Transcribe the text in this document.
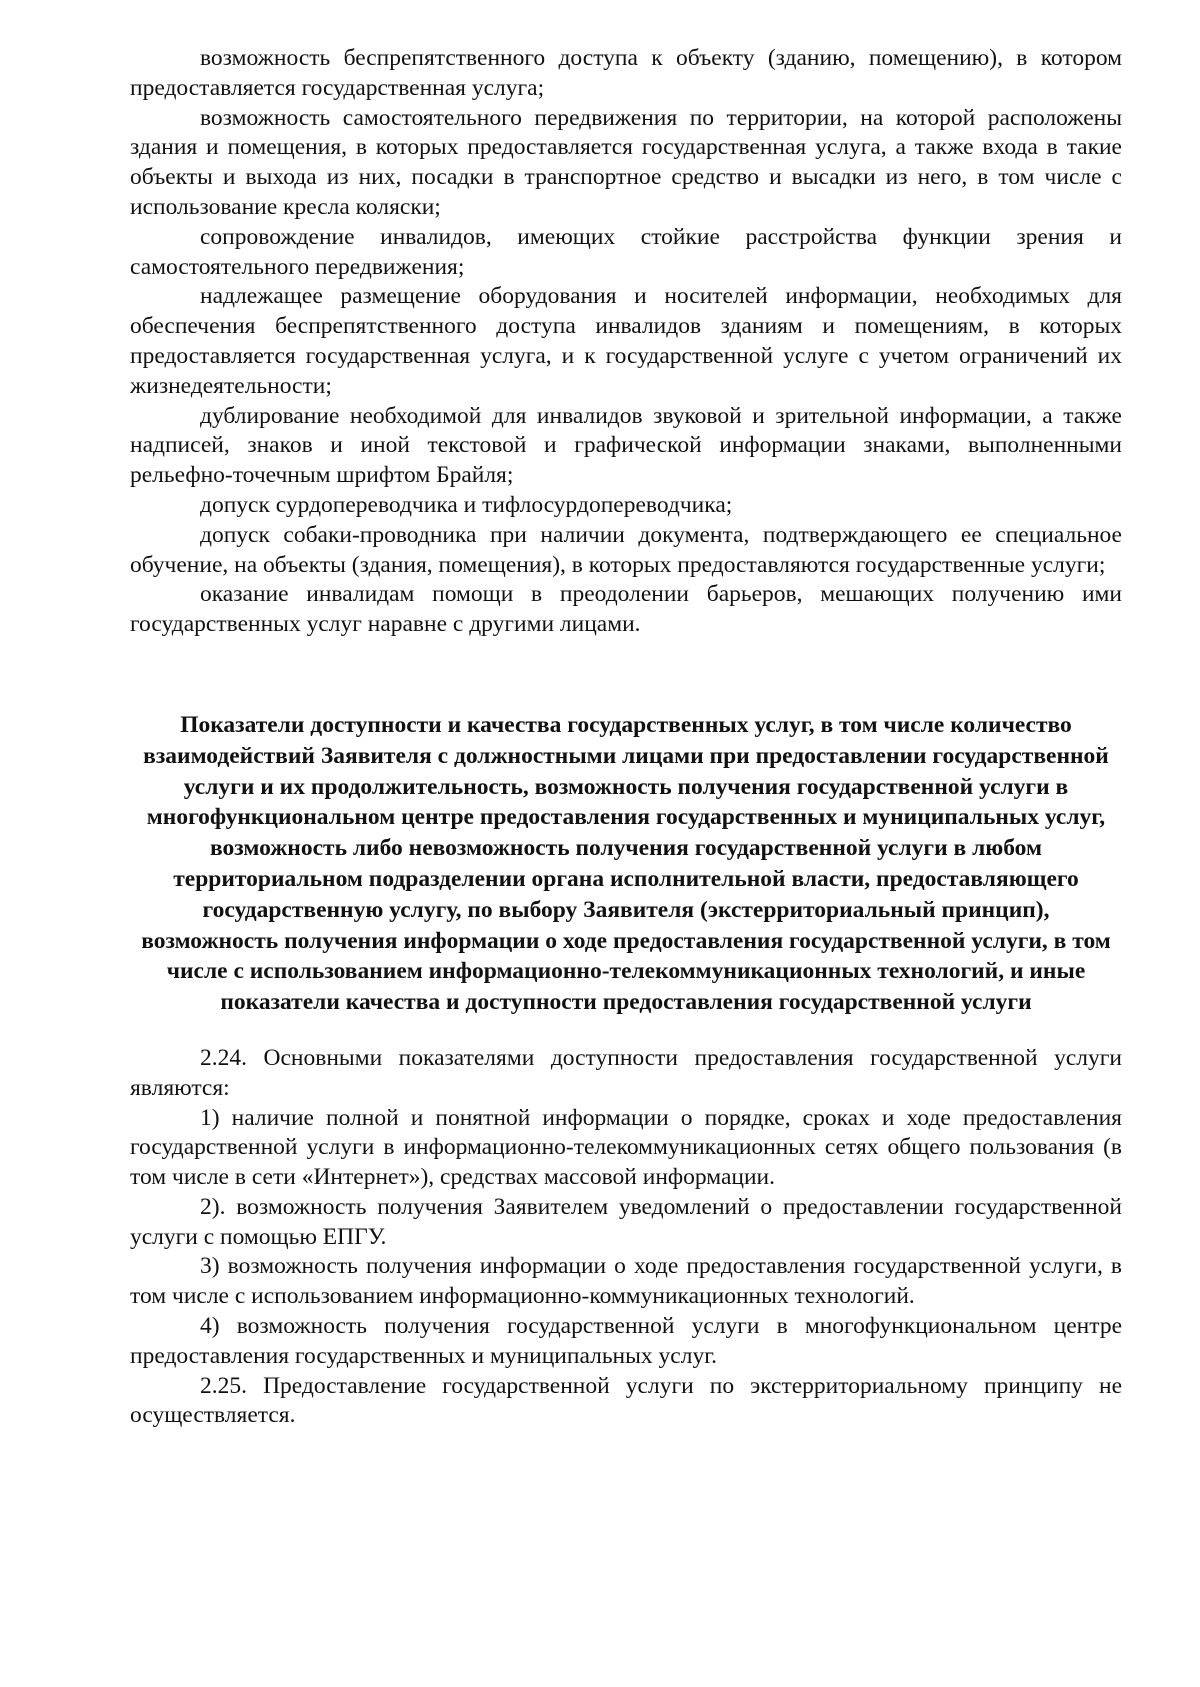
возможность беспрепятственного доступа к объекту (зданию, помещению), в котором предоставляется государственная услуга;

возможность самостоятельного передвижения по территории, на которой расположены здания и помещения, в которых предоставляется государственная услуга, а также входа в такие объекты и выхода из них, посадки в транспортное средство и высадки из него, в том числе с использование кресла коляски;

сопровождение инвалидов, имеющих стойкие расстройства функции зрения и самостоятельного передвижения;

надлежащее размещение оборудования и носителей информации, необходимых для обеспечения беспрепятственного доступа инвалидов зданиям и помещениям, в которых предоставляется государственная услуга, и к государственной услуге с учетом ограничений их жизнедеятельности;

дублирование необходимой для инвалидов звуковой и зрительной информации, а также надписей, знаков и иной текстовой и графической информации знаками, выполненными рельефно-точечным шрифтом Брайля;

допуск сурдопереводчика и тифлосурдопереводчика;

допуск собаки-проводника при наличии документа, подтверждающего ее специальное обучение, на объекты (здания, помещения), в которых предоставляются государственные услуги;

оказание инвалидам помощи в преодолении барьеров, мешающих получению ими государственных услуг наравне с другими лицами.

Показатели доступности и качества государственных услуг, в том числе количество взаимодействий Заявителя с должностными лицами при предоставлении государственной услуги и их продолжительность, возможность получения государственной услуги в многофункциональном центре предоставления государственных и муниципальных услуг, возможность либо невозможность получения государственной услуги в любом территориальном подразделении органа исполнительной власти, предоставляющего государственную услугу, по выбору Заявителя (экстерриториальный принцип), возможность получения информации о ходе предоставления государственной услуги, в том числе с использованием информационно-телекоммуникационных технологий, и иные показатели качества и доступности предоставления государственной услуги

2.24. Основными показателями доступности предоставления государственной услуги являются:

1) наличие полной и понятной информации о порядке, сроках и ходе предоставления государственной услуги в информационно-телекоммуникационных сетях общего пользования (в том числе в сети «Интернет»), средствах массовой информации.

2). возможность получения Заявителем уведомлений о предоставлении государственной услуги с помощью ЕПГУ.

3) возможность получения информации о ходе предоставления государственной услуги, в том числе с использованием информационно-коммуникационных технологий.

4) возможность получения государственной услуги в многофункциональном центре предоставления государственных и муниципальных услуг.

2.25. Предоставление государственной услуги по экстерриториальному принципу не осуществляется.
